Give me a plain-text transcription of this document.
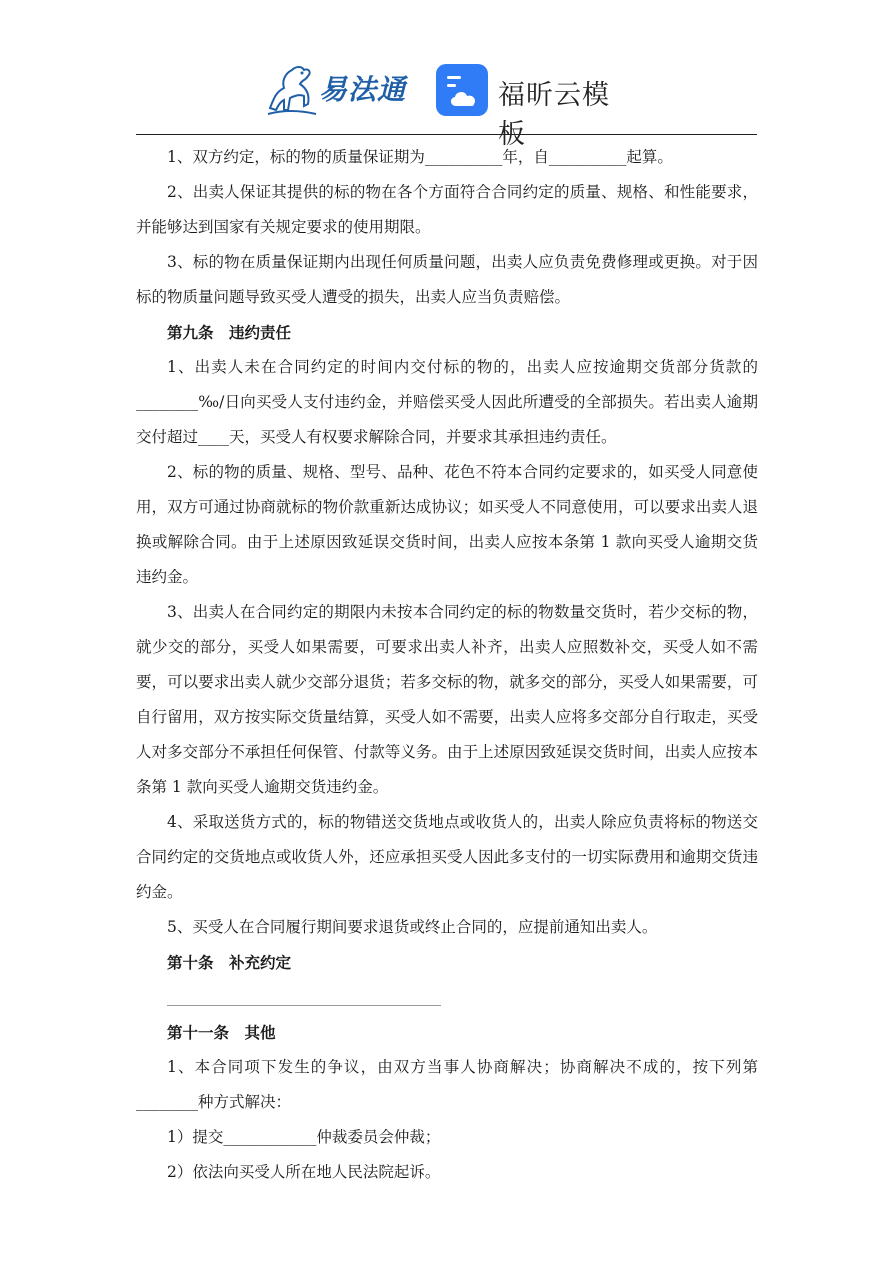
易法通	福昕云模板

1、双方约定，标的物的质量保证期为__________年，自__________起算。

2、出卖人保证其提供的标的物在各个方面符合合同约定的质量、规格、和性能要求，并能够达到国家有关规定要求的使用期限。

3、标的物在质量保证期内出现任何质量问题，出卖人应负责免费修理或更换。对于因标的物质量问题导致买受人遭受的损失，出卖人应当负责赔偿。

第九条　违约责任

1、出卖人未在合同约定的时间内交付标的物的，出卖人应按逾期交货部分货款的________‰/日向买受人支付违约金，并赔偿买受人因此所遭受的全部损失。若出卖人逾期交付超过____天，买受人有权要求解除合同，并要求其承担违约责任。

2、标的物的质量、规格、型号、品种、花色不符本合同约定要求的，如买受人同意使用，双方可通过协商就标的物价款重新达成协议；如买受人不同意使用，可以要求出卖人退换或解除合同。由于上述原因致延误交货时间，出卖人应按本条第 1 款向买受人逾期交货违约金。

3、出卖人在合同约定的期限内未按本合同约定的标的物数量交货时，若少交标的物，就少交的部分，买受人如果需要，可要求出卖人补齐，出卖人应照数补交，买受人如不需要，可以要求出卖人就少交部分退货；若多交标的物，就多交的部分，买受人如果需要，可自行留用，双方按实际交货量结算，买受人如不需要，出卖人应将多交部分自行取走，买受人对多交部分不承担任何保管、付款等义务。由于上述原因致延误交货时间，出卖人应按本条第 1 款向买受人逾期交货违约金。

4、采取送货方式的，标的物错送交货地点或收货人的，出卖人除应负责将标的物送交合同约定的交货地点或收货人外，还应承担买受人因此多支付的一切实际费用和逾期交货违约金。

5、买受人在合同履行期间要求退货或终止合同的，应提前通知出卖人。

第十条　补充约定

第十一条　其他

1、本合同项下发生的争议，由双方当事人协商解决；协商解决不成的，按下列第________种方式解决：

1）提交____________仲裁委员会仲裁；

2）依法向买受人所在地人民法院起诉。
